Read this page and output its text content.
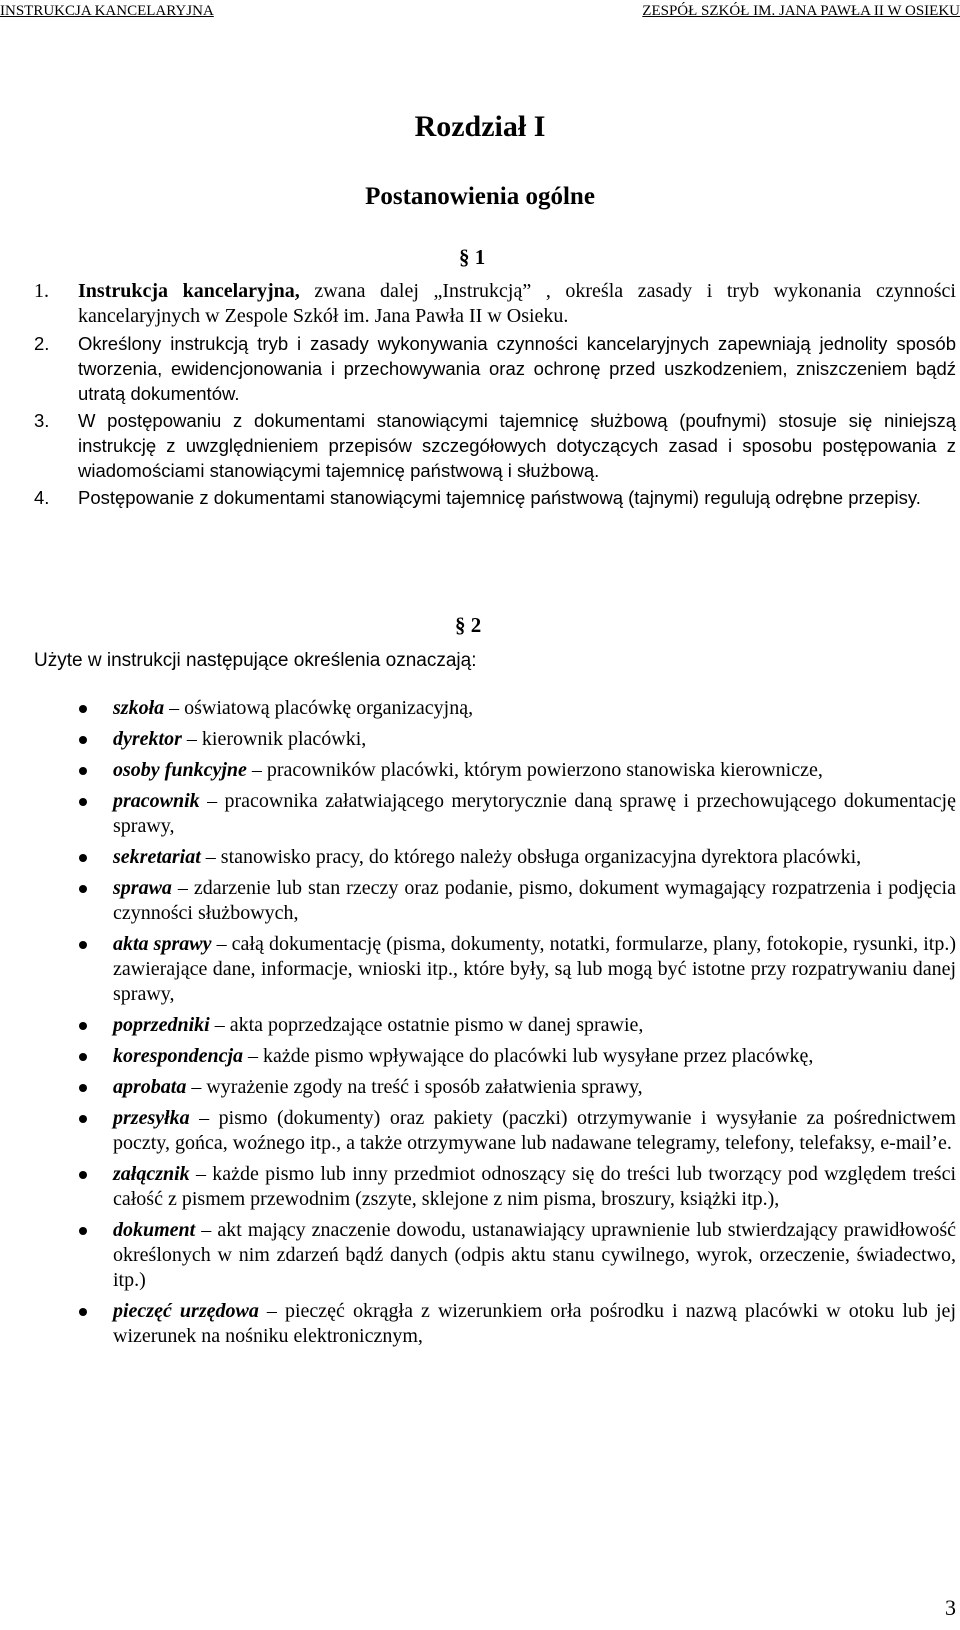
INSTRUKCJA KANCELARYJNA	ZESPÓŁ SZKÓŁ IM. JANA PAWŁA II W OSIEKU
Rozdział I
Postanowienia ogólne
§ 1
1. Instrukcja kancelaryjna, zwana dalej „Instrukcją” , określa zasady i tryb wykonania czynności kancelaryjnych w Zespole Szkół im. Jana Pawła II w Osieku.
2. Określony instrukcją tryb i zasady wykonywania czynności kancelaryjnych zapewniają jednolity sposób tworzenia, ewidencjonowania i przechowywania oraz ochronę przed uszkodzeniem, zniszczeniem bądź utratą dokumentów.
3. W postępowaniu z dokumentami stanowiącymi tajemnicę służbową (poufnymi) stosuje się niniejszą instrukcję z uwzględnieniem przepisów szczegółowych dotyczących zasad i sposobu postępowania z wiadomościami stanowiącymi tajemnicę państwową i służbową.
4. Postępowanie z dokumentami stanowiącymi tajemnicę państwową (tajnymi) regulują odrębne przepisy.
§ 2
Użyte w instrukcji następujące określenia oznaczają:
szkoła – oświatową placówkę organizacyjną,
dyrektor – kierownik placówki,
osoby funkcyjne – pracowników placówki, którym powierzono stanowiska kierownicze,
pracownik – pracownika załatwiającego merytorycznie daną sprawę i przechowującego dokumentację sprawy,
sekretariat – stanowisko pracy, do którego należy obsługa organizacyjna dyrektora placówki,
sprawa – zdarzenie lub stan rzeczy oraz podanie, pismo, dokument wymagający rozpatrzenia i podjęcia czynności służbowych,
akta sprawy – całą dokumentację (pisma, dokumenty, notatki, formularze, plany, fotokopie, rysunki, itp.) zawierające dane, informacje, wnioski itp., które były, są lub mogą być istotne przy rozpatrywaniu danej sprawy,
poprzedniki – akta poprzedzające ostatnie pismo w danej sprawie,
korespondencja – każde pismo wpływające do placówki lub wysyłane przez placówkę,
aprobata – wyrażenie zgody na treść i sposób załatwienia sprawy,
przesyłka – pismo (dokumenty) oraz pakiety (paczki) otrzymywanie i wysyłanie za pośrednictwem poczty, gońca, woźnego itp., a także otrzymywane lub nadawane telegramy, telefony, telefaksy, e-mail’e.
załącznik – każde pismo lub inny przedmiot odnoszący się do treści lub tworzący pod względem treści całość z pismem przewodnim (zszyte, sklejone z nim pisma, broszury, książki itp.),
dokument – akt mający znaczenie dowodu, ustanawiający uprawnienie lub stwierdzający prawidłowość określonych w nim zdarzeń bądź danych (odpis aktu stanu cywilnego, wyrok, orzeczenie, świadectwo, itp.)
pieczęć urzędowa – pieczęć okrągła z wizerunkiem orła pośrodku i nazwą placówki w otoku lub jej wizerunek na nośniku elektronicznym,
3
